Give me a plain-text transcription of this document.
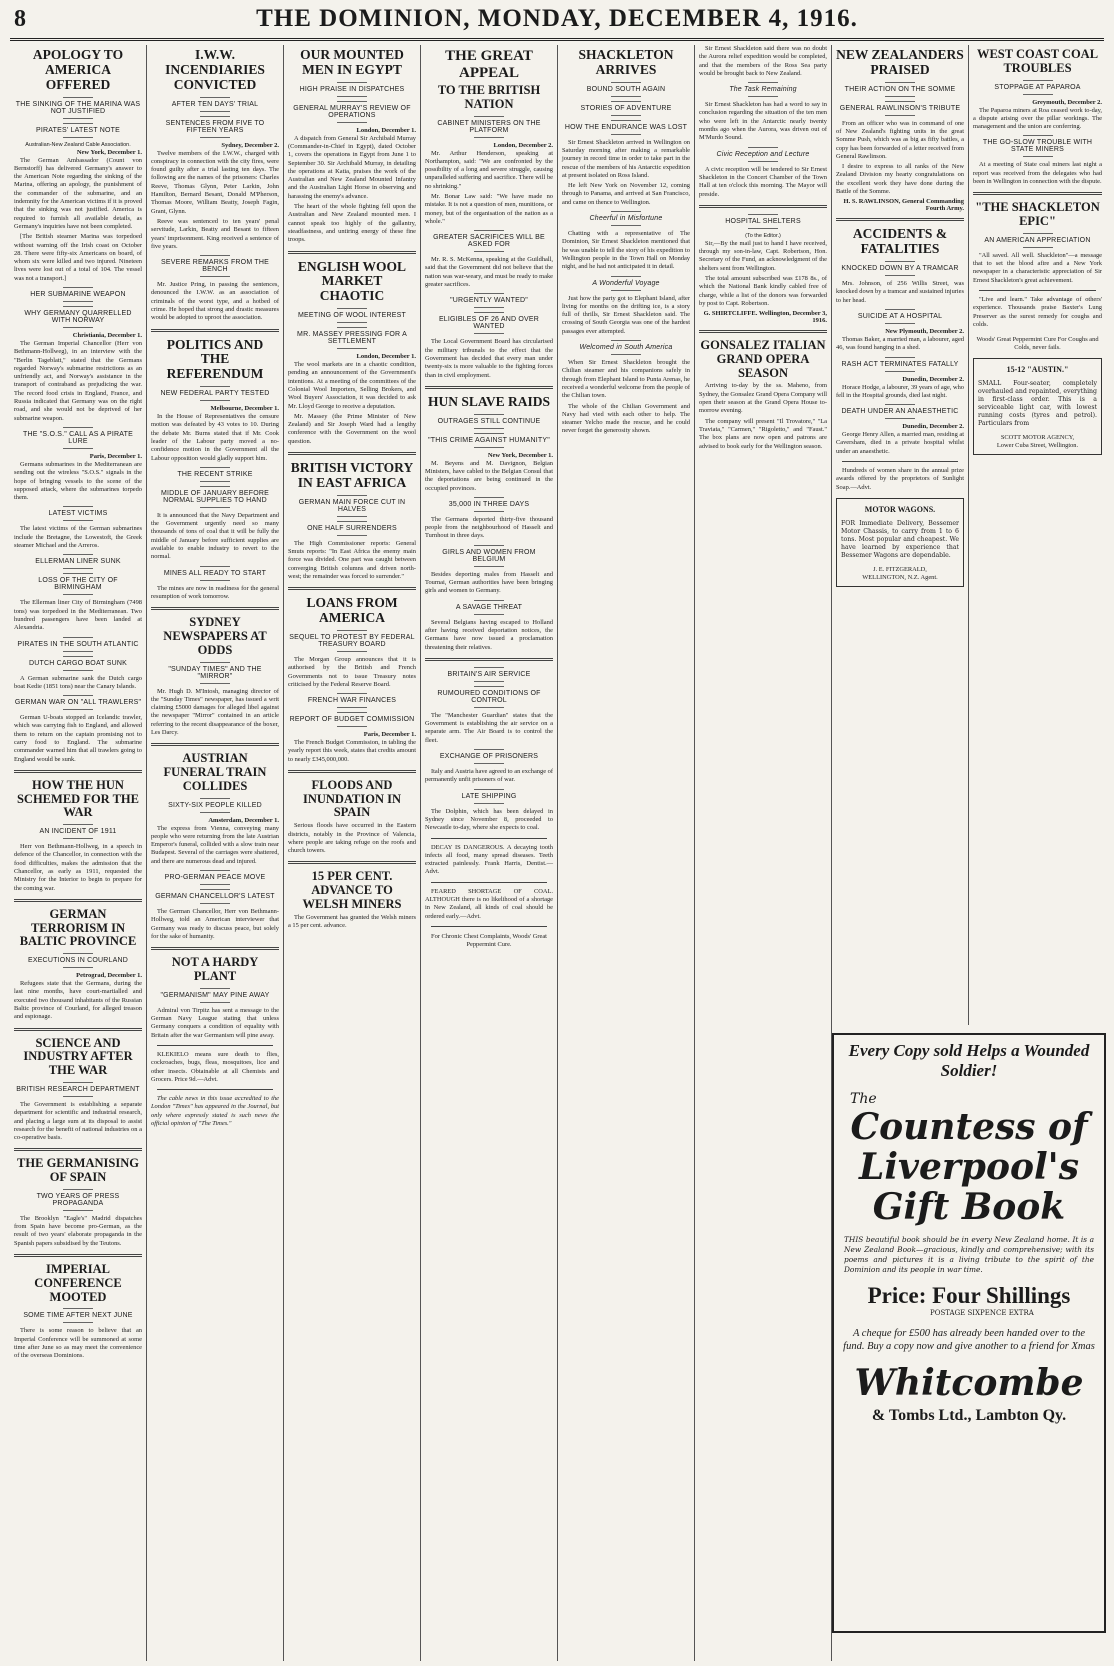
8	THE DOMINION, MONDAY, DECEMBER 4, 1916.
APOLOGY TO AMERICA OFFERED
THE SINKING OF THE MARINA WAS NOT JUSTIFIED
PIRATES' LATEST NOTE
Australian-New Zealand Cable Association.
New York, December 1.

The German Ambassador (Count von Bernstorff) has delivered Germany's answer to the American Note regarding the sinking of the Marina, offering an apology, the punishment of the commander of the submarine, and an indemnity for the American victims if it is proved that the sinking was not justified. America is required to furnish all available details, as Germany's inquiries have not been completed.

[The British steamer Marina was torpedoed without warning off the Irish coast on October 28. There were fifty-six Americans on board, of whom six were killed and two injured. Nineteen lives were lost out of a total of 104. The vessel was not a transport.]

HER SUBMARINE WEAPON
WHY GERMANY QUARRELLED WITH NORWAY
Christiania, December 1.

The German Imperial Chancellor (Herr von Bethmann-Hollweg), in an interview with the "Berlin Tageblatt," stated that the Germans regarded Norway's submarine restrictions as an unfriendly act, and Norway's assistance in the transport of contraband as prejudicing the war. The record food crisis in England, France, and Russia indicated that Germany was on the right road, and she would not be deprived of her submarine weapon.

THE "S.O.S." CALL AS A PIRATE LURE
Paris, December 1.

Germans submarines in the Mediterranean are sending out the wireless "S.O.S." signals in the hope of bringing vessels to the scene of the supposed attack, where the submarines torpedo them.

LATEST VICTIMS

The latest victims of the German submarines include the Bretagne, the Lowestoft, the Greek steamer Michael and the Arreros.

ELLERMAN LINER SUNK
LOSS OF THE CITY OF BIRMINGHAM

The Ellerman liner City of Birmingham (7498 tons) was torpedoed in the Mediterranean. Two hundred passengers have been landed at Alexandria.

PIRATES IN THE SOUTH ATLANTIC
DUTCH CARGO BOAT SUNK

A German submarine sank the Dutch cargo boat Kedie (1851 tons) near the Canary Islands.

GERMAN WAR ON "ALL TRAWLERS"

German U-boats stopped an Icelandic trawler, which was carrying fish to England, and allowed them to return on the captain promising not to carry food to England. The submarine commander warned him that all trawlers going to England would be sunk.

HOW THE HUN SCHEMED FOR THE WAR
AN INCIDENT OF 1911

Herr von Bethmann-Hollweg, in a speech in defence of the Chancellor, in connection with the food difficulties, makes the admission that the Chancellor, as early as 1911, requested the Ministry for the Interior to begin to prepare for the coming war.

GERMAN TERRORISM IN BALTIC PROVINCE
EXECUTIONS IN COURLAND
Petrograd, December 1.

Refugees state that the Germans, during the last nine months, have court-martialled and executed two thousand inhabitants of the Russian Baltic province of Courland, for alleged treason and espionage.

SCIENCE AND INDUSTRY AFTER THE WAR
BRITISH RESEARCH DEPARTMENT

The Government is establishing a separate department for scientific and industrial research, and placing a large sum at its disposal to assist research for the benefit of national industries on a co-operative basis.

THE GERMANISING OF SPAIN
TWO YEARS OF PRESS PROPAGANDA

The Brooklyn "Eagle's" Madrid dispatches from Spain have become pro-German, as the result of two years' elaborate propaganda in the Spanish papers subsidised by the Teutons.

IMPERIAL CONFERENCE MOOTED
SOME TIME AFTER NEXT JUNE

There is some reason to believe that an Imperial Conference will be summoned at some time after June so as may meet the convenience of the overseas Dominions.

I.W.W. INCENDIARIES CONVICTED
AFTER TEN DAYS' TRIAL
SENTENCES FROM FIVE TO FIFTEEN YEARS
Sydney, December 2.

Twelve members of the I.W.W., charged with conspiracy in connection with the city fires, were found guilty after a trial lasting ten days. The following are the names of the prisoners: Charles Reeve, Thomas Glynn, Peter Larkin, John Hamilton, Bernard Besant, Donald M'Pherson, Thomas Moore, William Beatty, Joseph Fagin, Grant, Glynn.

Reeve was sentenced to ten years' penal servitude, Larkin, Beatty and Besant to fifteen years' imprisonment. King received a sentence of five years.

SEVERE REMARKS FROM THE BENCH

Mr. Justice Pring, in passing the sentences, denounced the I.W.W. as an association of criminals of the worst type, and a hotbed of crime. He hoped that strong and drastic measures would be adopted to uproot the association.

POLITICS AND THE REFERENDUM
NEW FEDERAL PARTY TESTED
Melbourne, December 1.

In the House of Representatives the censure motion was defeated by 43 votes to 10. During the debate Mr. Burns stated that if Mr. Cook leader of the Labour party moved a no-confidence motion in the Government all the Labour opposition would gladly support him.

THE RECENT STRIKE
MIDDLE OF JANUARY BEFORE NORMAL SUPPLIES TO HAND

It is announced that the Navy Department and the Government urgently need so many thousands of tons of coal that it will be fully the middle of January before sufficient supplies are available to enable industry to revert to the normal.

MINES ALL READY TO START

The mines are now in readiness for the general resumption of work tomorrow.

SYDNEY NEWSPAPERS AT ODDS
"SUNDAY TIMES" AND THE "MIRROR"

Mr. Hugh D. M'Intosh, managing director of the "Sunday Times" newspaper, has issued a writ claiming £5000 damages for alleged libel against the newspaper "Mirror" contained in an article referring to the recent disappearance of the boxer, Les Darcy.

AUSTRIAN FUNERAL TRAIN COLLIDES
SIXTY-SIX PEOPLE KILLED
Amsterdam, December 1.

The express from Vienna, conveying many people who were returning from the late Austrian Emperor's funeral, collided with a slow train near Budapest. Several of the carriages were shattered, and there are numerous dead and injured.

PRO-GERMAN PEACE MOVE
GERMAN CHANCELLOR'S LATEST

The German Chancellor, Herr von Bethmann-Hollweg, told an American interviewer that Germany was ready to discuss peace, but solely for the sake of humanity.

NOT A HARDY PLANT
"GERMANISM" MAY PINE AWAY

Admiral von Tirpitz has sent a message to the German Navy League stating that unless Germany conquers a condition of equality with Britain after the war Germanism will pine away.

KLEKIELO means sure death to flies, cockroaches, bugs, fleas, mosquitoes, lice and other insects. Obtainable at all Chemists and Grocers. Price 9d.—Advt.

The cable news in this issue accredited to the London "Times" has appeared in the Journal, but only where expressly stated is such news the official opinion of "The Times."

OUR MOUNTED MEN IN EGYPT
HIGH PRAISE IN DISPATCHES
GENERAL MURRAY'S REVIEW OF OPERATIONS
London, December 1.

A dispatch from General Sir Archibald Murray (Commander-in-Chief in Egypt), dated October 1, covers the operations in Egypt from June 1 to September 30. Sir Archibald Murray, in detailing the operations at Katia, praises the work of the Australian and New Zealand Mounted Infantry and the Australian Light Horse in observing and harassing the enemy's advance.

The heart of the whole fighting fell upon the Australian and New Zealand mounted men. I cannot speak too highly of the gallantry, steadfastness, and untiring energy of these fine troops.

ENGLISH WOOL MARKET CHAOTIC
MEETING OF WOOL INTEREST
MR. MASSEY PRESSING FOR A SETTLEMENT
London, December 1.

The wool markets are in a chaotic condition, pending an announcement of the Government's intentions. At a meeting of the committees of the Colonial Wool Importers, Selling Brokers, and Wool Buyers' Association, it was decided to ask Mr. Lloyd George to receive a deputation.

Mr. Massey (the Prime Minister of New Zealand) and Sir Joseph Ward had a lengthy conference with the Government on the wool question.

BRITISH VICTORY IN EAST AFRICA
GERMAN MAIN FORCE CUT IN HALVES
ONE HALF SURRENDERS

The High Commissioner reports: General Smuts reports: "In East Africa the enemy main force was divided. One part was caught between converging British columns and driven north-west; the remainder was forced to surrender."

LOANS FROM AMERICA
SEQUEL TO PROTEST BY FEDERAL TREASURY BOARD

The Morgan Group announces that it is authorised by the British and French Governments not to issue Treasury notes criticised by the Federal Reserve Board.

FRENCH WAR FINANCES
REPORT OF BUDGET COMMISSION
Paris, December 1.

The French Budget Commission, in tabling the yearly report this week, states that credits amount to nearly £345,000,000.

FLOODS AND INUNDATION IN SPAIN

Serious floods have occurred in the Eastern districts, notably in the Province of Valencia, where people are taking refuge on the roofs and church towers.

15 PER CENT. ADVANCE TO WELSH MINERS

The Government has granted the Welsh miners a 15 per cent. advance.

THE GREAT APPEAL
TO THE BRITISH NATION
CABINET MINISTERS ON THE PLATFORM
London, December 2.

Mr. Arthur Henderson, speaking at Northampton, said: "We are confronted by the possibility of a long and severe struggle, causing unparalleled suffering and sacrifice. There will be no shrinking."

Mr. Bonar Law said: "We have made no mistake. It is not a question of men, munitions, or money, but of the organisation of the nation as a whole."

GREATER SACRIFICES WILL BE ASKED FOR

Mr. R. S. McKenna, speaking at the Guildhall, said that the Government did not believe that the nation was war-weary, and must be ready to make greater sacrifices.

"URGENTLY WANTED"
ELIGIBLES OF 26 AND OVER WANTED

The Local Government Board has circularised the military tribunals to the effect that the Government has decided that every man under twenty-six is more valuable to the fighting forces than in civil employment.

HUN SLAVE RAIDS
OUTRAGES STILL CONTINUE
"THIS CRIME AGAINST HUMANITY"
New York, December 1.

M. Beyens and M. Davignon, Belgian Ministers, have cabled to the Belgian Consul that the deportations are being continued in the occupied provinces.

35,000 IN THREE DAYS

The Germans deported thirty-five thousand people from the neighbourhood of Hasselt and Turnhout in three days.

GIRLS AND WOMEN FROM BELGIUM

Besides deporting males from Hasselt and Tournai, German authorities have been bringing girls and women to Germany.

A SAVAGE THREAT

Several Belgians having escaped to Holland after having received deportation notices, the Germans have now issued a proclamation threatening their relatives.

BRITAIN'S AIR SERVICE
RUMOURED CONDITIONS OF CONTROL

The "Manchester Guardian" states that the Government is establishing the air service on a separate arm. The Air Board is to control the fleet.

EXCHANGE OF PRISONERS

Italy and Austria have agreed to an exchange of permanently unfit prisoners of war.

LATE SHIPPING

The Dolphin, which has been delayed in Sydney since November 8, proceeded to Newcastle to-day, where she expects to coal.

DECAY IS DANGEROUS. A decaying tooth infects all food, many spread diseases. Teeth extracted painlessly. Frank Harris, Dentist.—Advt.

FEARED SHORTAGE OF COAL. ALTHOUGH there is no likelihood of a shortage in New Zealand, all kinds of coal should be ordered early.—Advt.

For Chronic Chest Complaints, Woods' Great Peppermint Cure.

SHACKLETON ARRIVES
BOUND SOUTH AGAIN
STORIES OF ADVENTURE
HOW THE ENDURANCE WAS LOST

Sir Ernest Shackleton arrived in Wellington on Saturday morning after making a remarkable journey in record time in order to take part in the rescue of the members of his Antarctic expedition at present isolated on Ross Island.

He left New York on November 12, coming through to Panama, and arrived at San Francisco, and came on thence to Wellington.

Cheerful in Misfortune

Chatting with a representative of The Dominion, Sir Ernest Shackleton mentioned that he was unable to tell the story of his expedition to Wellington people in the Town Hall on Monday night, and he had not anticipated it in detail.

A Wonderful Voyage

Just how the party got to Elephant Island, after living for months on the drifting ice, is a story full of thrills, Sir Ernest Shackleton said. The crossing of South Georgia was one of the hardest passages ever attempted.

Welcomed in South America

When Sir Ernest Shackleton brought the Chilian steamer and his companions safely in through from Elephant Island to Punta Arenas, he received a wonderful welcome from the people of the Chilian town.

The whole of the Chilian Government and Navy had vied with each other to help. The steamer Yelcho made the rescue, and he could never forget the generosity shown.

Sir Ernest Shackleton said there was no doubt the Aurora relief expedition would be completed, and that the members of the Ross Sea party would be brought back to New Zealand.

The Task Remaining

Sir Ernest Shackleton has had a word to say in conclusion regarding the situation of the ten men who were left in the Antarctic nearly twenty months ago when the Aurora, was driven out of M'Murdo Sound.

Civic Reception and Lecture

A civic reception will be tendered to Sir Ernest Shackleton in the Concert Chamber of the Town Hall at ten o'clock this morning. The Mayor will preside.

HOSPITAL SHELTERS
(To the Editor.)

Sir,—By the mail just to hand I have received, through my son-in-law, Capt. Robertson, Hon. Secretary of the Fund, an acknowledgment of the shelters sent from Wellington.

The total amount subscribed was £178 8s., of which the National Bank kindly cabled free of charge, while a list of the donors was forwarded by post to Capt. Robertson.

G. SHIRTCLIFFE. Wellington, December 3, 1916.
GONSALEZ ITALIAN GRAND OPERA SEASON

Arriving to-day by the ss. Maheno, from Sydney, the Gonsalez Grand Opera Company will open their season at the Grand Opera House to-morrow evening.

The company will present "Il Trovatore," "La Traviata," "Carmen," "Rigoletto," and "Faust." The box plans are now open and patrons are advised to book early for the Wellington season.

NEW ZEALANDERS PRAISED
THEIR ACTION ON THE SOMME
GENERAL RAWLINSON'S TRIBUTE

From an officer who was in command of one of New Zealand's fighting units in the great Somme Push, which was as big as fifty battles, a copy has been forwarded of a letter received from General Rawlinson.

I desire to express to all ranks of the New Zealand Division my hearty congratulations on the excellent work they have done during the Battle of the Somme.

H. S. RAWLINSON, General Commanding Fourth Army.
ACCIDENTS & FATALITIES
KNOCKED DOWN BY A TRAMCAR

Mrs. Johnson, of 256 Willis Street, was knocked down by a tramcar and sustained injuries to her head.

SUICIDE AT A HOSPITAL
New Plymouth, December 2.

Thomas Baker, a married man, a labourer, aged 46, was found hanging in a shed.

RASH ACT TERMINATES FATALLY
Dunedin, December 2.

Horace Hodge, a labourer, 39 years of age, who fell in the Hospital grounds, died last night.

DEATH UNDER AN ANAESTHETIC
Dunedin, December 2.

George Henry Allen, a married man, residing at Caversham, died in a private hospital whilst under an anaesthetic.

Hundreds of women share in the annual prize awards offered by the proprietors of Sunlight Soap.—Advt.

MOTOR WAGONS.

FOR Immediate Delivery, Bessemer Motor Chassis, to carry from 1 to 6 tons. Most popular and cheapest. We have learned by experience that Bessemer Wagons are dependable.

J. E. FITZGERALD,
WELLINGTON, N.Z. Agent.
WEST COAST COAL TROUBLES
STOPPAGE AT PAPAROA
Greymouth, December 2.

The Paparoa miners at Roa ceased work to-day, a dispute arising over the pillar workings. The management and the union are conferring.

THE GO-SLOW TROUBLE WITH STATE MINERS

At a meeting of State coal miners last night a report was received from the delegates who had been in Wellington in connection with the dispute.

"THE SHACKLETON EPIC"
AN AMERICAN APPRECIATION

"All saved. All well. Shackleton"—a message that to set the blood afire and a New York newspaper in a characteristic appreciation of Sir Ernest Shackleton's great achievement.

"Live and learn." Take advantage of others' experience. Thousands praise Baxter's Lung Preserver as the surest remedy for coughs and colds.

Woods' Great Peppermint Cure For Coughs and Colds, never fails.

15-12 "AUSTIN."

SMALL Four-seater, completely overhauled and repainted, everything in first-class order. This is a serviceable light car, with lowest running costs (tyres and petrol). Particulars from

SCOTT MOTOR AGENCY,
Lower Cuba Street, Wellington.
Every Copy sold Helps a Wounded Soldier!
The
Countess of Liverpool's Gift Book

THIS beautiful book should be in every New Zealand home. It is a New Zealand Book—gracious, kindly and comprehensive; with its poems and pictures it is a living tribute to the spirit of the Dominion and its people in war time.

Price: Four Shillings
POSTAGE SIXPENCE EXTRA
A cheque for £500 has already been handed over to the fund. Buy a copy now and give another to a friend for Xmas
Whitcombe
& Tombs Ltd., Lambton Qy.
